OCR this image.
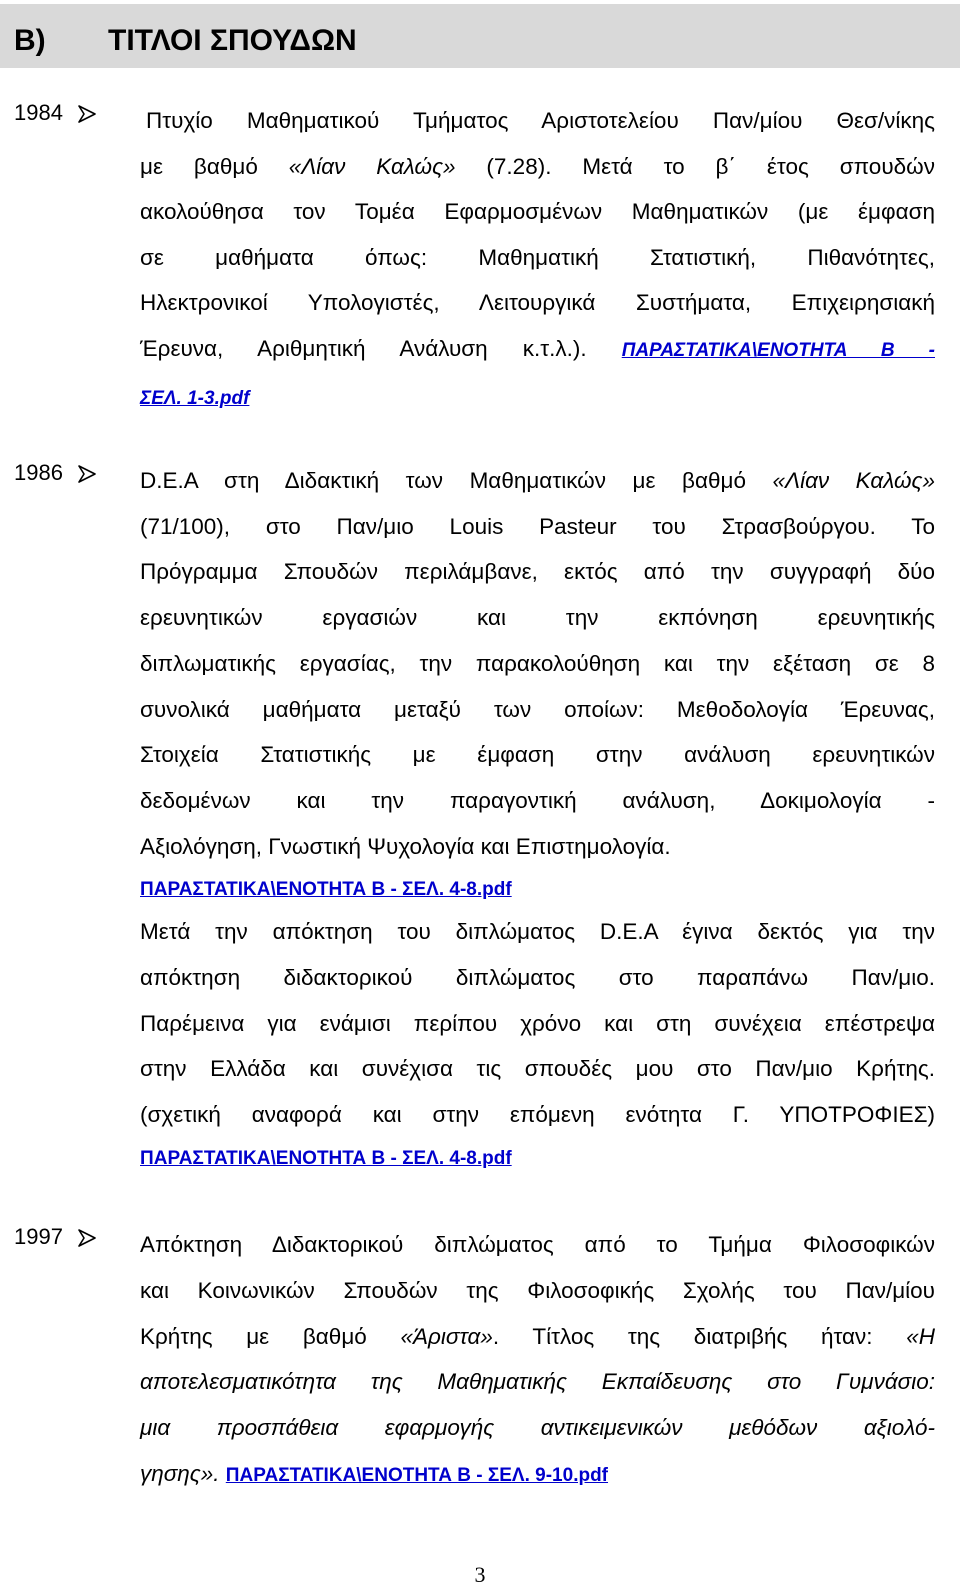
B) ΤΙΤΛΟΙ ΣΠΟΥΔΩΝ
1984	Πτυχίο Μαθηματικού Τμήματος Αριστοτελείου Παν/μίου Θεσ/νίκης
με βαθμό «Λίαν Καλώς» (7.28). Μετά το β΄ έτος σπουδών
ακολούθησα τον Τομέα Εφαρμοσμένων Μαθηματικών (με έμφαση
σε μαθήματα όπως: Μαθηματική Στατιστική, Πιθανότητες,
Ηλεκτρονικοί Υπολογιστές, Λειτουργικά Συστήματα, Επιχειρησιακή
Έρευνα, Αριθμητική Ανάλυση κ.τ.λ.). ΠΑΡΑΣΤΑΤΙΚΑ\ΕΝΟΤΗΤΑ Β -
ΣΕΛ. 1-3.pdf
1986	D.E.A στη Διδακτική των Μαθηματικών με βαθμό «Λίαν Καλώς»
(71/100), στο Παν/μιο Louis Pasteur του Στρασβούργου. Το
Πρόγραμμα Σπουδών περιλάμβανε, εκτός από την συγγραφή δύο
ερευνητικών εργασιών και την εκπόνηση ερευνητικής
διπλωματικής εργασίας, την παρακολούθηση και την εξέταση σε 8
συνολικά μαθήματα μεταξύ των οποίων: Μεθοδολογία Έρευνας,
Στοιχεία Στατιστικής με έμφαση στην ανάλυση ερευνητικών
δεδομένων και την παραγοντική ανάλυση, Δοκιμολογία -
Αξιολόγηση, Γνωστική Ψυχολογία και Επιστημολογία.
ΠΑΡΑΣΤΑΤΙΚΑ\ΕΝΟΤΗΤΑ Β - ΣΕΛ. 4-8.pdf
Μετά την απόκτηση του διπλώματος D.E.A έγινα δεκτός για την
απόκτηση διδακτορικού διπλώματος στο παραπάνω Παν/μιο.
Παρέμεινα για ενάμισι περίπου χρόνο και στη συνέχεια επέστρεψα
στην Ελλάδα και συνέχισα τις σπουδές μου στο Παν/μιο Κρήτης.
(σχετική αναφορά και στην επόμενη ενότητα Γ. ΥΠΟΤΡΟΦΙΕΣ)
ΠΑΡΑΣΤΑΤΙΚΑ\ΕΝΟΤΗΤΑ Β - ΣΕΛ. 4-8.pdf
1997	Απόκτηση Διδακτορικού διπλώματος από το Τμήμα Φιλοσοφικών
και Κοινωνικών Σπουδών της Φιλοσοφικής Σχολής του Παν/μίου
Κρήτης με βαθμό «Άριστα». Τίτλος της διατριβής ήταν: «Η
αποτελεσματικότητα της Μαθηματικής Εκπαίδευσης στο Γυμνάσιο:
μια προσπάθεια εφαρμογής αντικειμενικών μεθόδων αξιολό-
γησης». ΠΑΡΑΣΤΑΤΙΚΑ\ΕΝΟΤΗΤΑ Β - ΣΕΛ. 9-10.pdf
3
